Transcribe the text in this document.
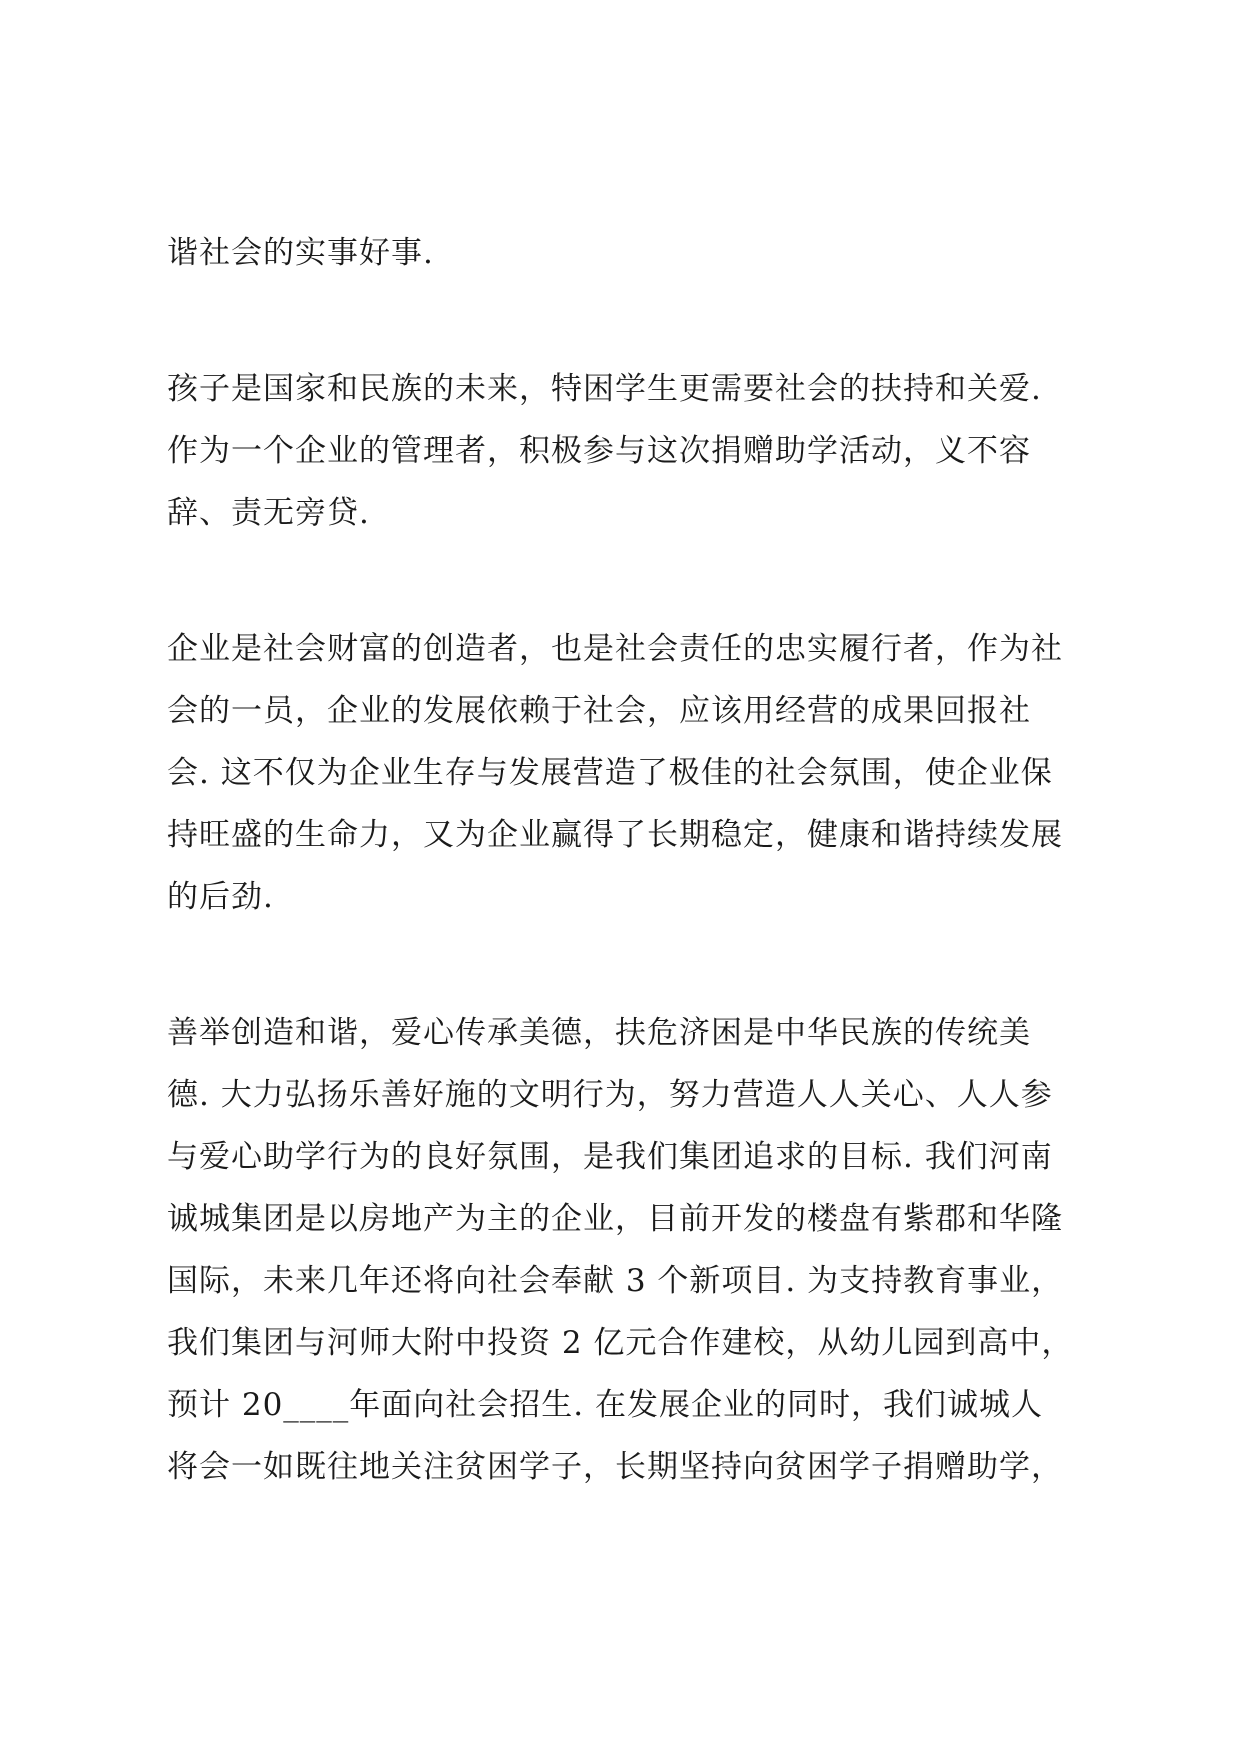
谐社会的实事好事.
孩子是国家和民族的未来，特困学生更需要社会的扶持和关爱.
作为一个企业的管理者，积极参与这次捐赠助学活动，义不容
辞、责无旁贷.
企业是社会财富的创造者，也是社会责任的忠实履行者，作为社
会的一员，企业的发展依赖于社会，应该用经营的成果回报社
会. 这不仅为企业生存与发展营造了极佳的社会氛围，使企业保
持旺盛的生命力，又为企业赢得了长期稳定，健康和谐持续发展
的后劲.
善举创造和谐，爱心传承美德，扶危济困是中华民族的传统美
德. 大力弘扬乐善好施的文明行为，努力营造人人关心、人人参
与爱心助学行为的良好氛围，是我们集团追求的目标. 我们河南
诚城集团是以房地产为主的企业，目前开发的楼盘有紫郡和华隆
国际，未来几年还将向社会奉献 3 个新项目. 为支持教育事业，
我们集团与河师大附中投资 2 亿元合作建校，从幼儿园到高中，
预计 20____年面向社会招生. 在发展企业的同时，我们诚城人
将会一如既往地关注贫困学子，长期坚持向贫困学子捐赠助学，
